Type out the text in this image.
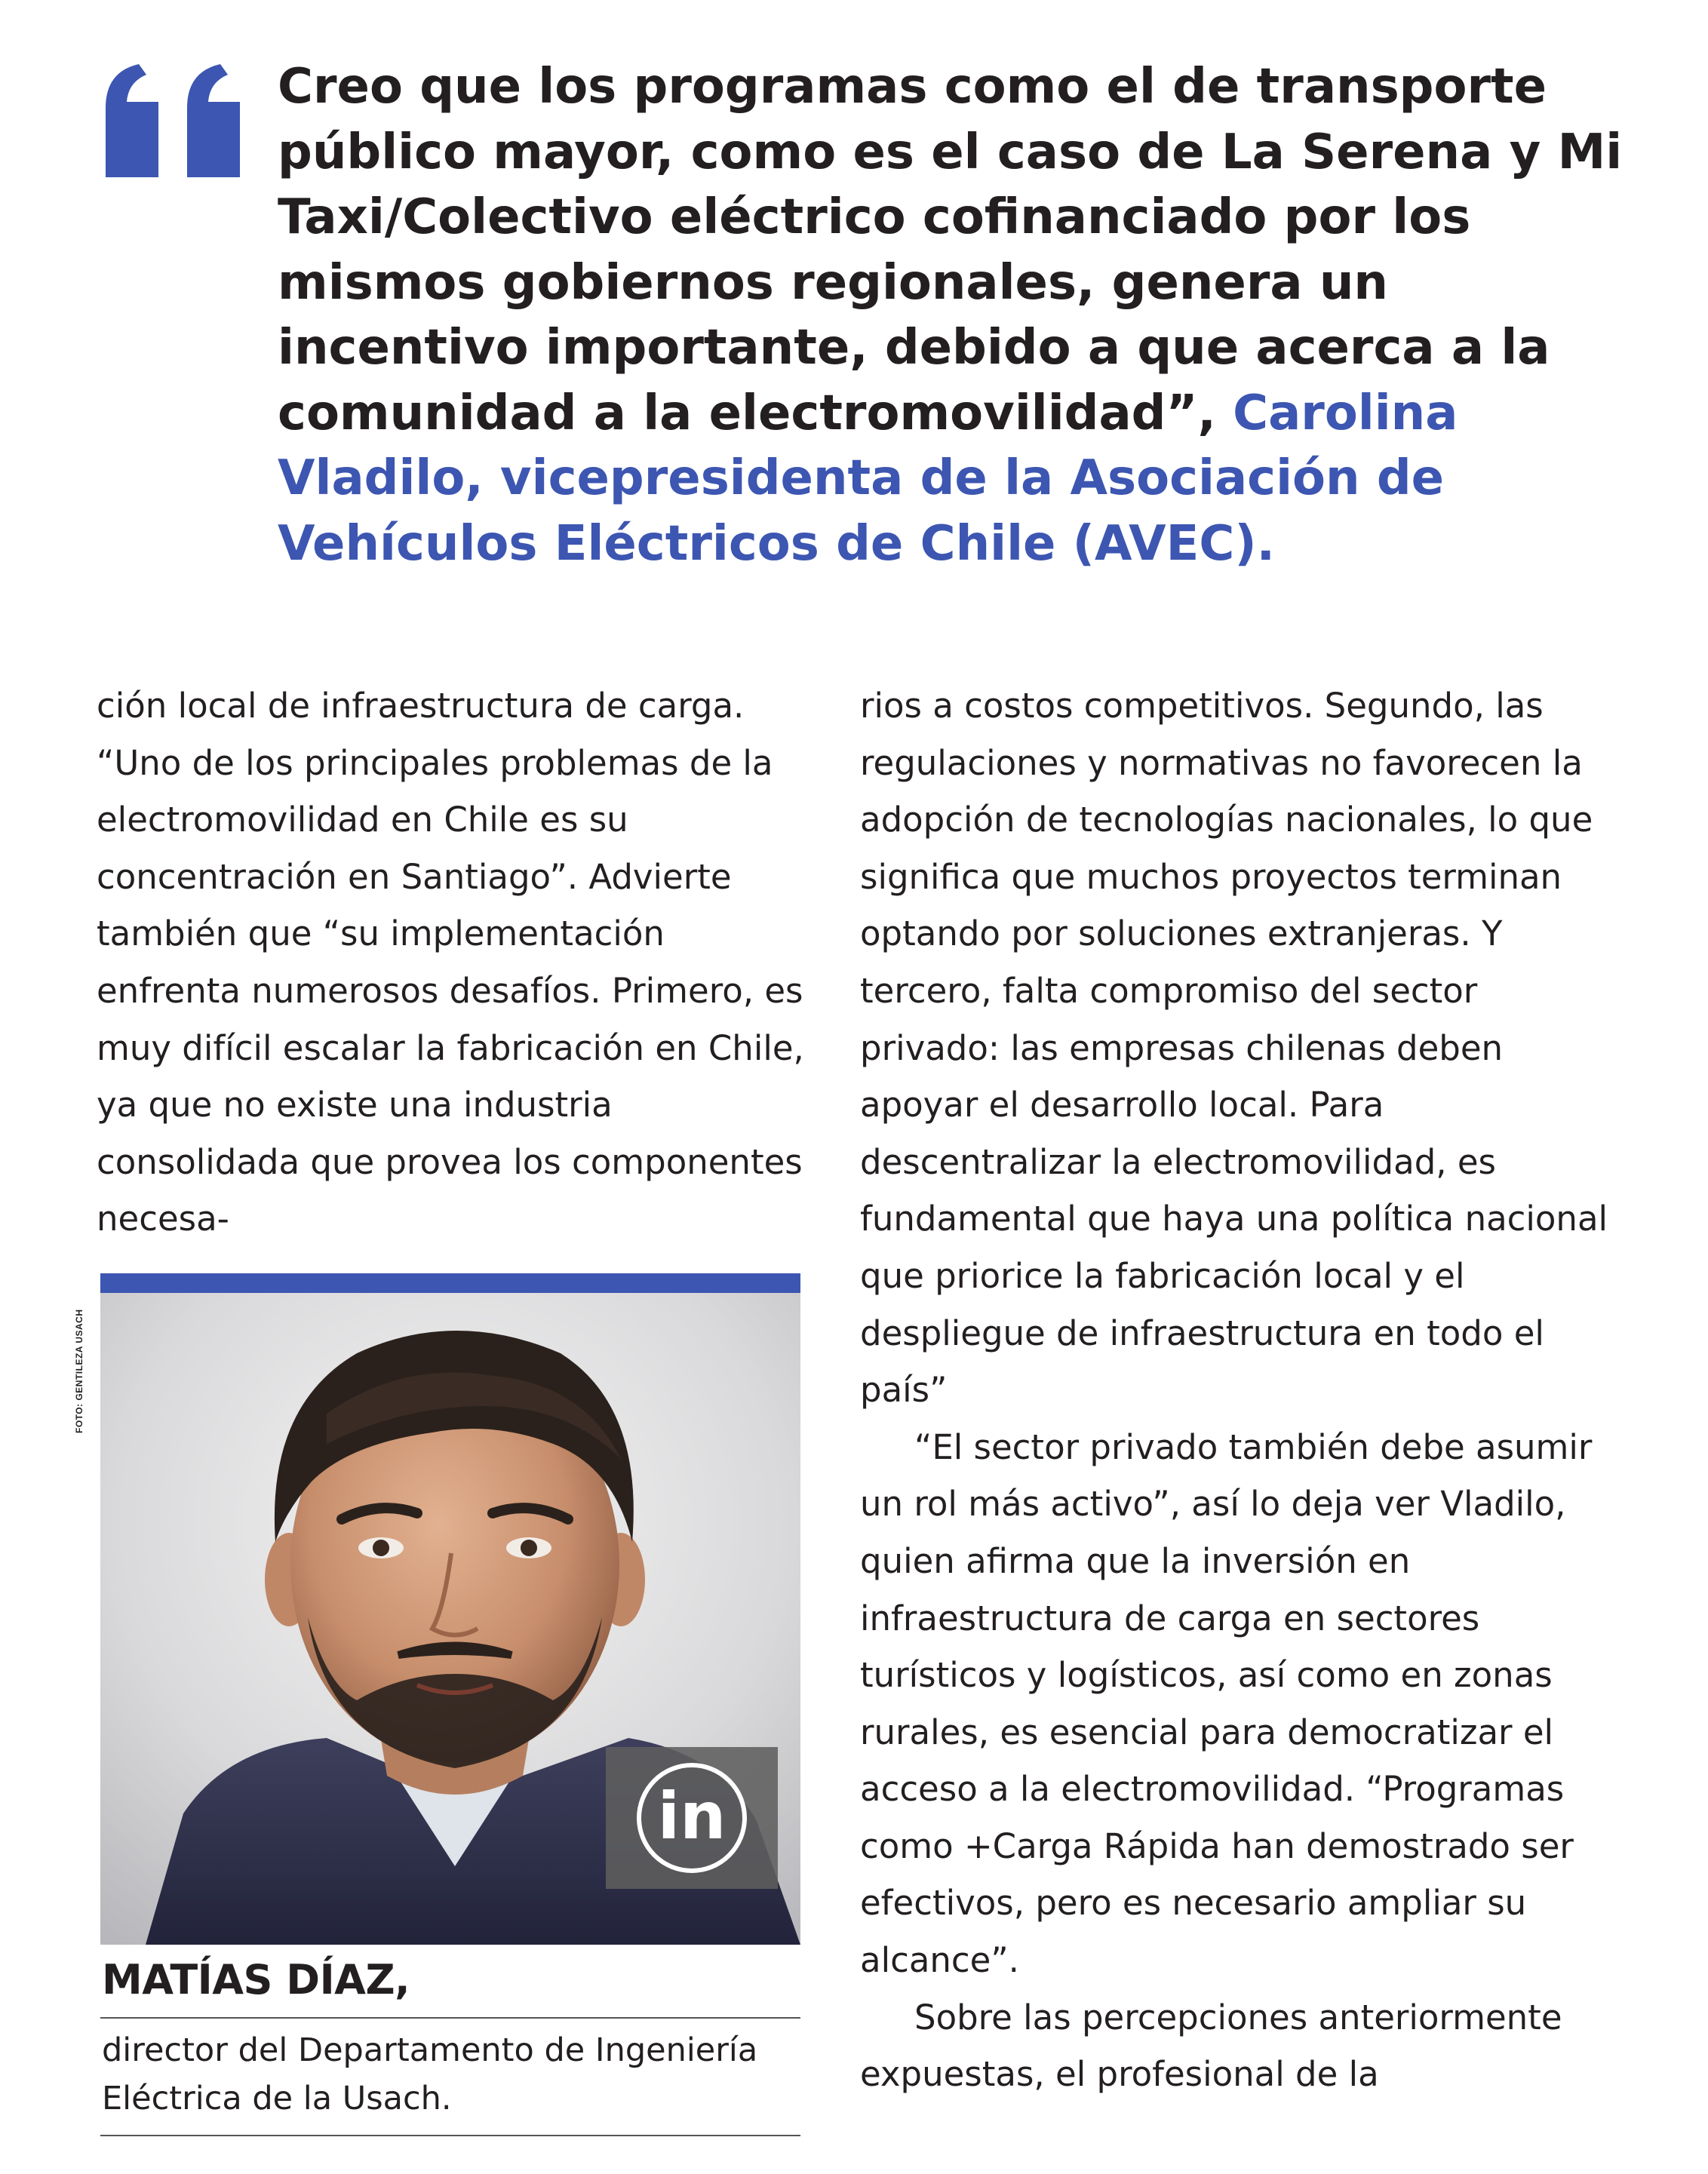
Creo que los programas como el de transporte público mayor, como es el caso de La Serena y Mi Taxi/Colectivo eléctrico cofinanciado por los mismos gobiernos regionales, genera un incentivo importante, debido a que acerca a la comunidad a la electromovilidad”, Carolina Vladilo, vicepresidenta de la Asociación de Vehículos Eléctricos de Chile (AVEC).

ción local de infraestructura de carga. “Uno de los principales problemas de la electromovilidad en Chile es su concentración en Santiago”. Advierte también que “su implementación enfrenta numerosos desafíos. Primero, es muy difícil escalar la fabricación en Chile, ya que no existe una industria consolidada que provea los componentes necesa-

rios a costos competitivos. Segundo, las regulaciones y normativas no favorecen la adopción de tecnologías nacionales, lo que significa que muchos proyectos terminan optando por soluciones extranjeras. Y tercero, falta compromiso del sector privado: las empresas chilenas deben apoyar el desarrollo local. Para descentralizar la electromovilidad, es fundamental que haya una política nacional que priorice la fabricación local y el despliegue de infraestructura en todo el país”

“El sector privado también debe asumir un rol más activo”, así lo deja ver Vladilo, quien afirma que la inversión en infraestructura de carga en sectores turísticos y logísticos, así como en zonas rurales, es esencial para democratizar el acceso a la electromovilidad. “Programas como +Carga Rápida han demostrado ser efectivos, pero es necesario ampliar su alcance”.

Sobre las percepciones anteriormente expuestas, el profesional de la

FOTO: GENTILEZA USACH
in
MATÍAS DÍAZ,

director del Departamento de Ingeniería Eléctrica de la Usach.
